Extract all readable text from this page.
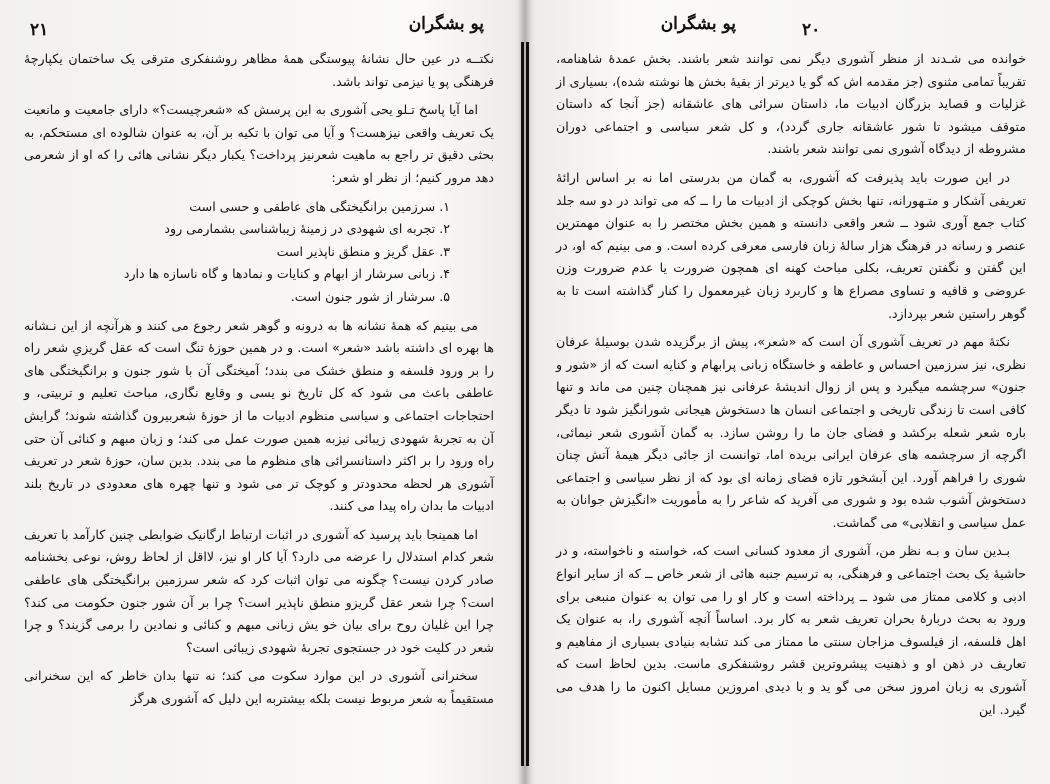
پو بشگران
۲۱

نکتــه در عین حال نشانهٔ پیوستگی همهٔ مظاهر روشنفکری مترقی یک ساختمان یکپارچهٔ فرهنگی پو یا نیزمی تواند باشد.

اما آیا پاسخ تـلو یحی آشوری به این پرسش که «شعرچیست؟» دارای جامعیت و مانعیت یک تعریف واقعی نیزهست؟ و آیا می توان با تکیه بر آن، به عنوان شالوده ای مستحکم، به بحثی دقیق تر راجع به ماهیت شعرنیز پرداخت؟ یکبار دیگر نشانی هائی را که او از شعرمی دهد مرور کنیم؛ از نظر او شعر:

۱. سرزمین برانگیختگی های عاطفی و حسی است
۲. تجربه ای شهودی در زمینهٔ زیباشناسی بشمارمی رود
۳. عقل گریز و منطق ناپذیر است
۴. زبانی سرشار از ابهام و کنایات و نمادها و گاه ناسازه ها دارد
۵. سرشار از شور جنون است.

می بینیم که همهٔ نشانه ها به درونه و گوهر شعر رجوع می کنند و هرآنچه از این نـشانه ها بهره ای داشته باشد «شعر» است. و در همین حوزهٔ تنگ است که عقل گریزیِ شعر راه را بر ورود فلسفه و منطق خشک می بندد؛ آمیختگی آن با شور جنون و برانگیختگی های عاطفی باعث می شود که کل تاریخ نو یسی و وقایع نگاری، مباحث تعلیم و تربیتی، و احتجاجات اجتماعی و سیاسی منظوم ادبیات ما از حوزهٔ شعربیرون گذاشته شوند؛ گرایش آن به تجربهٔ شهودی زیبائی نیزبه همین صورت عمل می کند؛ و زبان مبهم و کنائی آن حتی راه ورود را بر اکثر داستانسرائی های منظوم ما می بندد. بدین سان، حوزهٔ شعر در تعریف آشوری هر لحظه محدودتر و کوچک تر می شود و تنها چهره های معدودی در تاریخ بلند ادبیات ما بدان راه پیدا می کنند.

اما همینجا باید پرسید که آشوری در اثبات ارتباط ارگانیک ضوابطی چنین کارآمد با تعریف شعر کدام استدلال را عرضه می دارد؟ آیا کار او نیز، لااقل از لحاظ روش، نوعی بخشنامه صادر کردن نیست؟ چگونه می توان اثبات کرد که شعر سرزمین برانگیختگی های عاطفی است؟ چرا شعر عقل گریزو منطق ناپذیر است؟ چرا بر آن شور جنون حکومت می کند؟ چرا این غلیان روح برای بیان خو یش زبانی مبهم و کنائی و نمادین را برمی گزیند؟ و چرا شعر در کلیت خود در جستجوی تجربهٔ شهودی زیبائی است؟

سخنرانی آشوری در این موارد سکوت می کند؛ نه تنها بدان خاطر که این سخنرانی مستقیماً به شعر مربوط نیست بلکه بیشتربه این دلیل که آشوری هرگز

پو بشگران	۲۰

خوانده می شـدند از منظر آشوری دیگر نمی توانند شعر باشند. بخش عمدهٔ شاهنامه، تقریباً تمامی مثنوی (جز مقدمه اش که گو یا دیرتر از بقیهٔ بخش ها نوشته شده)، بسیاری از غزلیات و قصاید بزرگان ادبیات ما، داستان سرائی های عاشقانه (جز آنجا که داستان متوقف میشود تا شور عاشقانه جاری گردد)، و کل شعر سیاسی و اجتماعی دوران مشروطه از دیدگاه آشوری نمی توانند شعر باشند.

در این صورت باید پذیرفت که آشوری، به گمان من بدرستی اما نه بر اساس ارائهٔ تعریفی آشکار و متـهورانه، تنها بخش کوچکی از ادبیات ما را ــ که می تواند در دو سه جلد کتاب جمع آوری شود ــ شعر واقعی دانسته و همین بخش مختصر را به عنوان مهمترین عنصر و رسانه در فرهنگ هزار سالهٔ زبان فارسی معرفی کرده است. و می بینیم که او، در این گفتن و نگفتن تعریف، بکلی مباحث کهنه ای همچون ضرورت یا عدم ضرورت وزن عروضی و قافیه و تساوی مصراع ها و کاربرد زبان غیرمعمول را کنار گذاشته است تا به گوهر راستین شعر بپردازد.

نکتهٔ مهم در تعریف آشوری آن است که «شعر»، پیش از برگزیده شدن بوسیلهٔ عرفان نظری، نیز سرزمین احساس و عاطفه و خاستگاه زبانی پرابهام و کنایه است که از «شور و جنون» سرچشمه میگیرد و پس از زوال اندیشهٔ عرفانی نیز همچنان چنین می ماند و تنها کافی است تا زندگی تاریخی و اجتماعی انسان ها دستخوش هیجانی شورانگیز شود تا دیگر باره شعر شعله برکشد و فضای جان ما را روشن سازد. به گمان آشوری شعر نیمائی، اگرچه از سرچشمه های عرفان ایرانی بریده اما، توانست از جائی دیگر هیمهٔ آتش چنان شوری را فراهم آورد. این آبشخور تازه فضای زمانه ای بود که از نظر سیاسی و اجتماعی دستخوش آشوب شده بود و شوری می آفرید که شاعر را به مأموریت «انگیزش جوانان به عمل سیاسی و انقلابی» می گماشت.

بـدین سان و بـه نظر من، آشوری از معدود کسانی است که، خواسته و ناخواسته، و در حاشیهٔ یک بحث اجتماعی و فرهنگی، به ترسیم جنبه هائی از شعر خاص ــ که از سایر انواع ادبی و کلامی ممتاز می شود ــ پرداخته است و کار او را می توان به عنوان منبعی برای ورود به بحث دربارهٔ بحران تعریف شعر به کار برد. اساساً آنچه آشوری را، به عنوان یک اهل فلسفه، از فیلسوف مزاجان سنتی ما ممتاز می کند تشابه بنیادی بسیاری از مفاهیم و تعاریف در ذهن او و ذهنیت پیشروترین قشر روشنفکری ماست. بدین لحاظ است که آشوری به زبان امروز سخن می گو ید و با دیدی امروزین مسایل اکنون ما را هدف می گیرد. این
